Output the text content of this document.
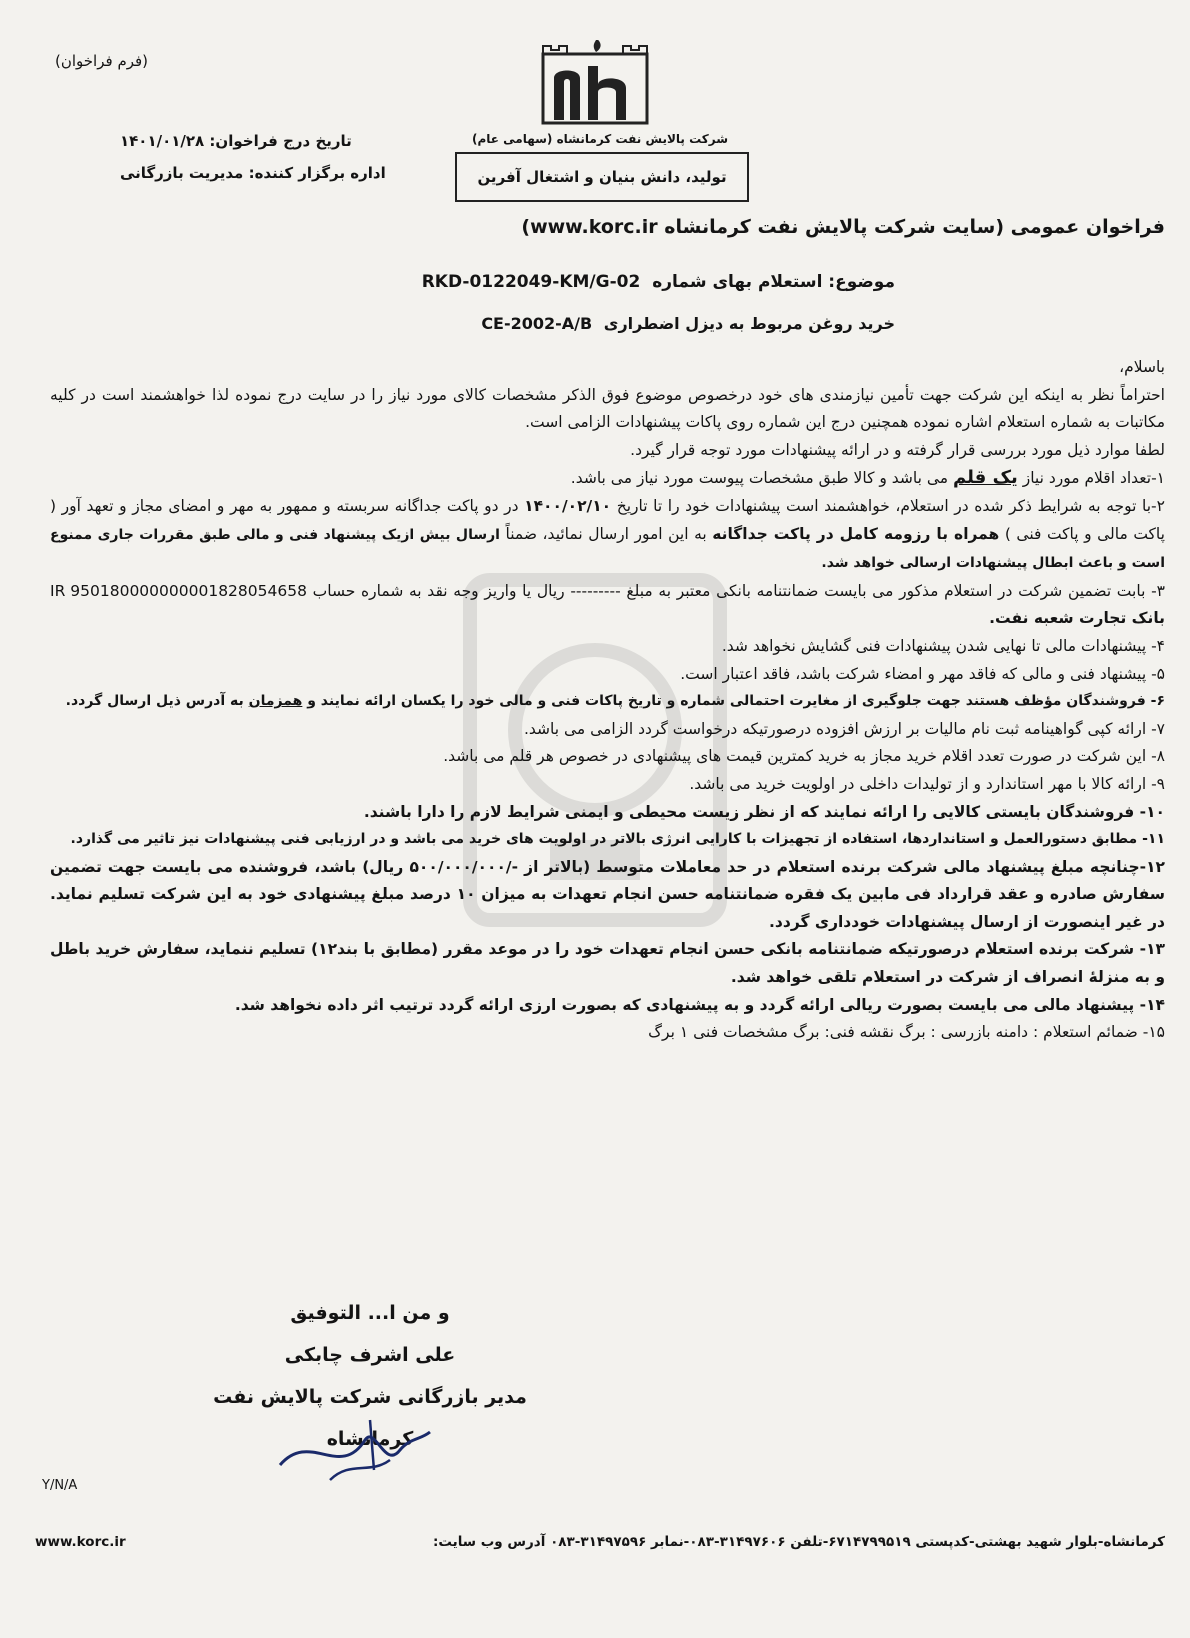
(فرم فراخوان)
شرکت پالایش نفت کرمانشاه (سهامی عام)
تولید، دانش بنیان و اشتغال آفرین
تاریخ درج فراخوان: ۱۴۰۱/۰۱/۲۸
اداره برگزار کننده: مدیریت بازرگانی
فراخوان عمومی (سایت شرکت پالایش نفت کرمانشاه www.korc.ir)
موضوع: استعلام بهای شماره RKD-0122049-KM/G-02
خرید روغن مربوط به دیزل اضطراری CE-2002-A/B

باسلام،

احتراماً نظر به اینکه این شرکت جهت تأمین نیازمندی های خود درخصوص موضوع فوق الذکر مشخصات کالای مورد نیاز را در سایت درج نموده لذا خواهشمند است در کلیه مکاتبات به شماره استعلام اشاره نموده همچنین درج این شماره روی پاکات پیشنهادات الزامی است.

لطفا موارد ذیل مورد بررسی قرار گرفته و در ارائه پیشنهادات مورد توجه قرار گیرد.

۱-تعداد اقلام مورد نیاز یک قلم می باشد و کالا طبق مشخصات پیوست مورد نیاز می باشد.

۲-با توجه به شرایط ذکر شده در استعلام، خواهشمند است پیشنهادات خود را تا تاریخ ۱۴۰۰/۰۲/۱۰ در دو پاکت جداگانه سربسته و ممهور به مهر و امضای مجاز و تعهد آور ( پاکت مالی و پاکت فنی ) همراه با رزومه کامل در پاکت جداگانه به این امور ارسال نمائید، ضمناً ارسال بیش ازیک پیشنهاد فنی و مالی طبق مقررات جاری ممنوع است و باعث ابطال پیشنهادات ارسالی خواهد شد.

۳- بابت تضمین شرکت در استعلام مذکور می بایست ضمانتنامه بانکی معتبر به مبلغ --------- ریال یا واریز وجه نقد به شماره حساب IR 950180000000001828054658 بانک تجارت شعبه نفت.

۴- پیشنهادات مالی تا نهایی شدن پیشنهادات فنی گشایش نخواهد شد.

۵- پیشنهاد فنی و مالی که فاقد مهر و امضاء شرکت باشد، فاقد اعتبار است.

۶- فروشندگان مؤظف هستند جهت جلوگیری از مغایرت احتمالی شماره و تاریخ پاکات فنی و مالی خود را یکسان ارائه نمایند و همزمان به آدرس ذیل ارسال گردد.

۷- ارائه کپی گواهینامه ثبت نام مالیات بر ارزش افزوده درصورتیکه درخواست گردد الزامی می باشد.

۸- این شرکت در صورت تعدد اقلام خرید مجاز به خرید کمترین قیمت های پیشنهادی در خصوص هر قلم می باشد.

۹- ارائه کالا با مهر استاندارد و از تولیدات داخلی در اولویت خرید می باشد.

۱۰- فروشندگان بایستی کالایی را ارائه نمایند که از نظر زیست محیطی و ایمنی شرایط لازم را دارا باشند.

۱۱- مطابق دستورالعمل و استانداردها، استفاده از تجهیزات با کارایی انرژی بالاتر در اولویت های خرید می باشد و در ارزیابی فنی پیشنهادات نیز تاثیر می گذارد.

۱۲-چنانچه مبلغ پیشنهاد مالی شرکت برنده استعلام در حد معاملات متوسط (بالاتر از -/۵۰۰/۰۰۰/۰۰۰ ریال) باشد، فروشنده می بایست جهت تضمین سفارش صادره و عقد قرارداد فی مابین یک فقره ضمانتنامه حسن انجام تعهدات به میزان ۱۰ درصد مبلغ پیشنهادی خود به این شرکت تسلیم نماید. در غیر اینصورت از ارسال پیشنهادات خودداری گردد.

۱۳- شرکت برنده استعلام درصورتیکه ضمانتنامه بانکی حسن انجام تعهدات خود را در موعد مقرر (مطابق با بند۱۲) تسلیم ننماید، سفارش خرید باطل و به منزلهٔ انصراف از شرکت در استعلام تلقی خواهد شد.

۱۴- پیشنهاد مالی می بایست بصورت ریالی ارائه گردد و به پیشنهادی که بصورت ارزی ارائه گردد ترتیب اثر داده نخواهد شد.

۱۵- ضمائم استعلام : دامنه بازرسی : برگ نقشه فنی: برگ مشخصات فنی ۱ برگ

و من ا... التوفیق
علی اشرف چابکی
مدیر بازرگانی شرکت پالایش نفت کرمانشاه
Y/N/A
کرمانشاه-بلوار شهید بهشتی-کدپستی ۶۷۱۴۷۹۹۵۱۹-تلفن ۳۱۴۹۷۶۰۶-۰۸۳-نمابر ۳۱۴۹۷۵۹۶-۰۸۳ آدرس وب سایت:
www.korc.ir
